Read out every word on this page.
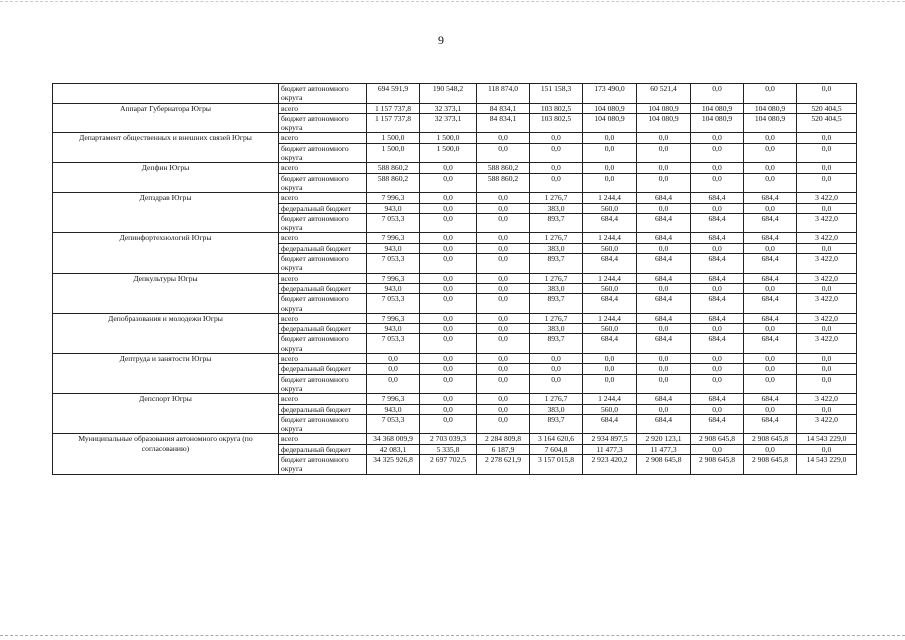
9
	бюджет автономного округа	694 591,9	190 548,2	118 874,0	151 158,3	173 490,0	60 521,4	0,0	0,0	0,0
Аппарат Губернатора Югры	всего	1 157 737,8	32 373,1	84 834,1	103 802,5	104 080,9	104 080,9	104 080,9	104 080,9	520 404,5
	бюджет автономного округа	1 157 737,8	32 373,1	84 834,1	103 802,5	104 080,9	104 080,9	104 080,9	104 080,9	520 404,5
Департамент общественных и внешних связей Югры	всего	1 500,0	1 500,0	0,0	0,0	0,0	0,0	0,0	0,0	0,0
	бюджет автономного округа	1 500,0	1 500,0	0,0	0,0	0,0	0,0	0,0	0,0	0,0
Депфин Югры	всего	588 860,2	0,0	588 860,2	0,0	0,0	0,0	0,0	0,0	0,0
	бюджет автономного округа	588 860,2	0,0	588 860,2	0,0	0,0	0,0	0,0	0,0	0,0
Депздрав Югры	всего	7 996,3	0,0	0,0	1 276,7	1 244,4	684,4	684,4	684,4	3 422,0
	федеральный бюджет	943,0	0,0	0,0	383,0	560,0	0,0	0,0	0,0	0,0
	бюджет автономного округа	7 053,3	0,0	0,0	893,7	684,4	684,4	684,4	684,4	3 422,0
Депинфортехнологий Югры	всего	7 996,3	0,0	0,0	1 276,7	1 244,4	684,4	684,4	684,4	3 422,0
	федеральный бюджет	943,0	0,0	0,0	383,0	560,0	0,0	0,0	0,0	0,0
	бюджет автономного округа	7 053,3	0,0	0,0	893,7	684,4	684,4	684,4	684,4	3 422,0
Депкультуры Югры	всего	7 996,3	0,0	0,0	1 276,7	1 244,4	684,4	684,4	684,4	3 422,0
	федеральный бюджет	943,0	0,0	0,0	383,0	560,0	0,0	0,0	0,0	0,0
	бюджет автономного округа	7 053,3	0,0	0,0	893,7	684,4	684,4	684,4	684,4	3 422,0
Депобразования и молодежи Югры	всего	7 996,3	0,0	0,0	1 276,7	1 244,4	684,4	684,4	684,4	3 422,0
	федеральный бюджет	943,0	0,0	0,0	383,0	560,0	0,0	0,0	0,0	0,0
	бюджет автономного округа	7 053,3	0,0	0,0	893,7	684,4	684,4	684,4	684,4	3 422,0
Дептруда и занятости Югры	всего	0,0	0,0	0,0	0,0	0,0	0,0	0,0	0,0	0,0
	федеральный бюджет	0,0	0,0	0,0	0,0	0,0	0,0	0,0	0,0	0,0
	бюджет автономного округа	0,0	0,0	0,0	0,0	0,0	0,0	0,0	0,0	0,0
Депспорт Югры	всего	7 996,3	0,0	0,0	1 276,7	1 244,4	684,4	684,4	684,4	3 422,0
	федеральный бюджет	943,0	0,0	0,0	383,0	560,0	0,0	0,0	0,0	0,0
	бюджет автономного округа	7 053,3	0,0	0,0	893,7	684,4	684,4	684,4	684,4	3 422,0
Муниципальные образования автономного округа (по согласованию)	всего	34 368 009,9	2 703 039,3	2 284 809,8	3 164 620,6	2 934 897,5	2 920 123,1	2 908 645,8	2 908 645,8	14 543 229,0
	федеральный бюджет	42 083,1	5 335,8	6 187,9	7 604,8	11 477,3	11 477,3	0,0	0,0	0,0
	бюджет автономного округа	34 325 926,8	2 697 702,5	2 278 621,9	3 157 015,8	2 923 420,2	2 908 645,8	2 908 645,8	2 908 645,8	14 543 229,0
